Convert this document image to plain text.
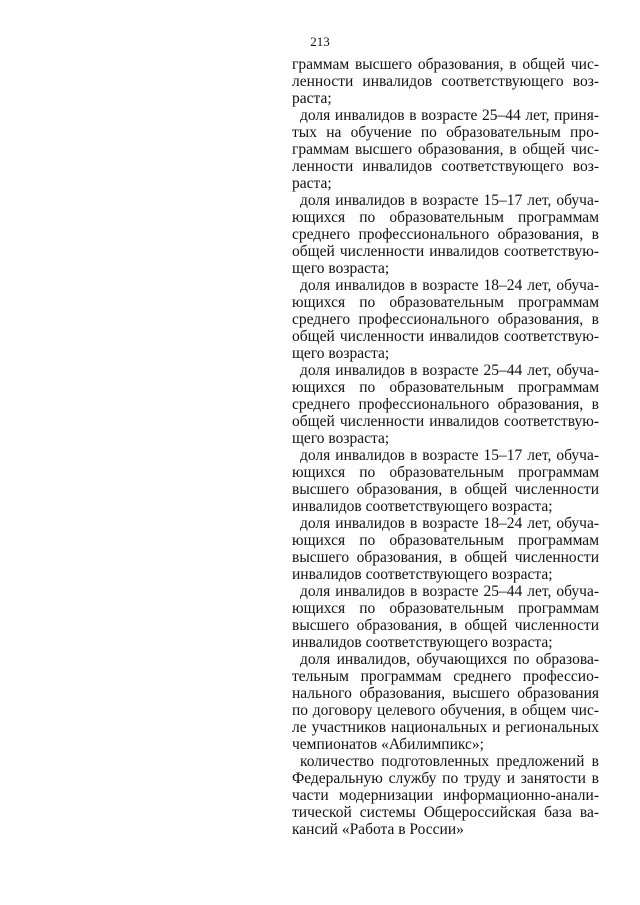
213
граммам высшего образования, в общей чис-
ленности инвалидов соответствующего воз-
раста;
доля инвалидов в возрасте 25–44 лет, приня-
тых на обучение по образовательным про-
граммам высшего образования, в общей чис-
ленности инвалидов соответствующего воз-
раста;
доля инвалидов в возрасте 15–17 лет, обуча-
ющихся по образовательным программам
среднего профессионального образования, в
общей численности инвалидов соответствую-
щего возраста;
доля инвалидов в возрасте 18–24 лет, обуча-
ющихся по образовательным программам
среднего профессионального образования, в
общей численности инвалидов соответствую-
щего возраста;
доля инвалидов в возрасте 25–44 лет, обуча-
ющихся по образовательным программам
среднего профессионального образования, в
общей численности инвалидов соответствую-
щего возраста;
доля инвалидов в возрасте 15–17 лет, обуча-
ющихся по образовательным программам
высшего образования, в общей численности
инвалидов соответствующего возраста;
доля инвалидов в возрасте 18–24 лет, обуча-
ющихся по образовательным программам
высшего образования, в общей численности
инвалидов соответствующего возраста;
доля инвалидов в возрасте 25–44 лет, обуча-
ющихся по образовательным программам
высшего образования, в общей численности
инвалидов соответствующего возраста;
доля инвалидов, обучающихся по образова-
тельным программам среднего профессио-
нального образования, высшего образования
по договору целевого обучения, в общем чис-
ле участников национальных и региональных
чемпионатов «Абилимпикс»;
количество подготовленных предложений в
Федеральную службу по труду и занятости в
части модернизации информационно-анали-
тической системы Общероссийская база ва-
кансий «Работа в России»
